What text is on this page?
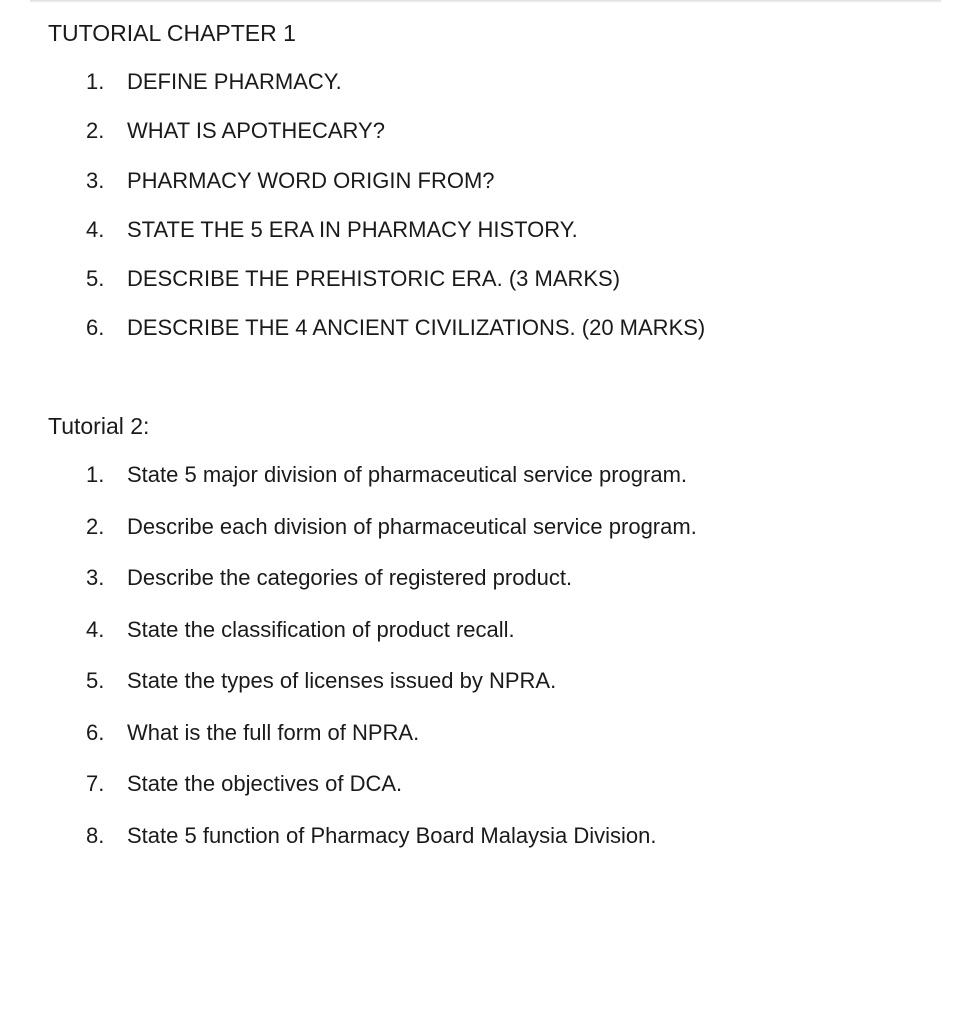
TUTORIAL CHAPTER 1
1.	DEFINE PHARMACY.
2.	WHAT IS APOTHECARY?
3.	PHARMACY WORD ORIGIN FROM?
4.	STATE THE 5 ERA IN PHARMACY HISTORY.
5.	DESCRIBE THE PREHISTORIC ERA. (3 MARKS)
6.	DESCRIBE THE 4 ANCIENT CIVILIZATIONS. (20 MARKS)
Tutorial 2:
1.	State 5 major division of pharmaceutical service program.
2.	Describe each division of pharmaceutical service program.
3.	Describe the categories of registered product.
4.	State the classification of product recall.
5.	State the types of licenses issued by NPRA.
6.	What is the full form of NPRA.
7.	State the objectives of DCA.
8.	State 5 function of Pharmacy Board Malaysia Division.
